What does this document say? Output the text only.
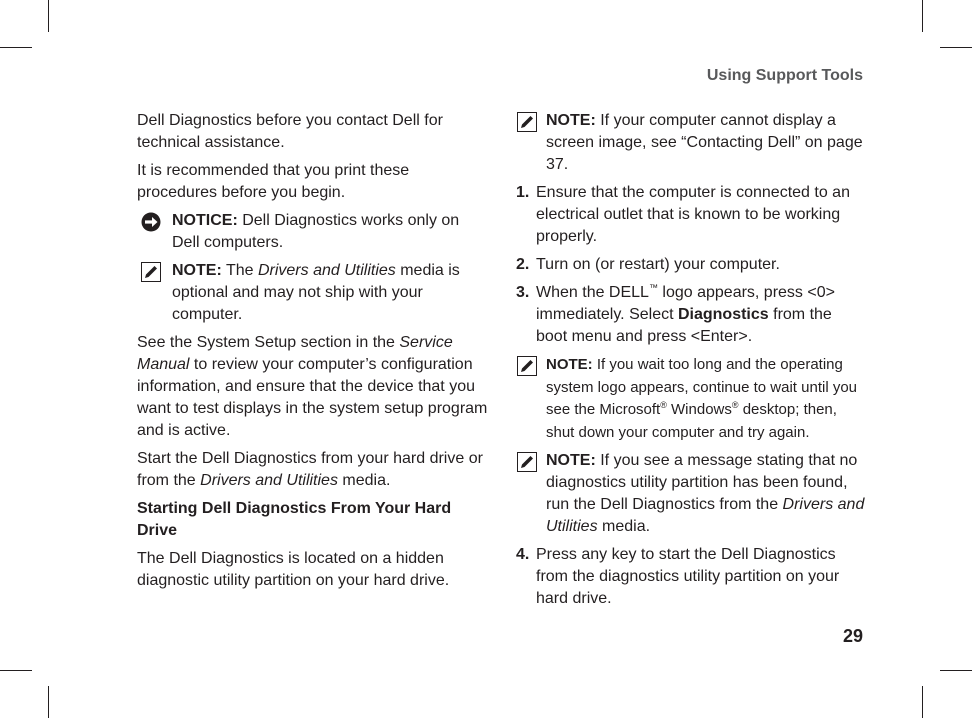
Using Support Tools

Dell Diagnostics before you contact Dell for technical assistance.

It is recommended that you print these procedures before you begin.

NOTICE: Dell Diagnostics works only on Dell computers.
NOTE: The Drivers and Utilities media is optional and may not ship with your computer.

See the System Setup section in the Service Manual to review your computer’s configuration information, and ensure that the device that you want to test displays in the system setup program and is active.

Start the Dell Diagnostics from your hard drive or from the Drivers and Utilities media.

Starting Dell Diagnostics From Your Hard Drive

The Dell Diagnostics is located on a hidden diagnostic utility partition on your hard drive.

NOTE: If your computer cannot display a screen image, see “Contacting Dell” on page 37.
1. Ensure that the computer is connected to an electrical outlet that is known to be working properly.
2. Turn on (or restart) your computer.
3. When the DELL™ logo appears, press <0> immediately. Select Diagnostics from the boot menu and press <Enter>.
NOTE: If you wait too long and the operating system logo appears, continue to wait until you see the Microsoft® Windows® desktop; then, shut down your computer and try again.
NOTE: If you see a message stating that no diagnostics utility partition has been found, run the Dell Diagnostics from the Drivers and Utilities media.
4. Press any key to start the Dell Diagnostics from the diagnostics utility partition on your hard drive.
29
